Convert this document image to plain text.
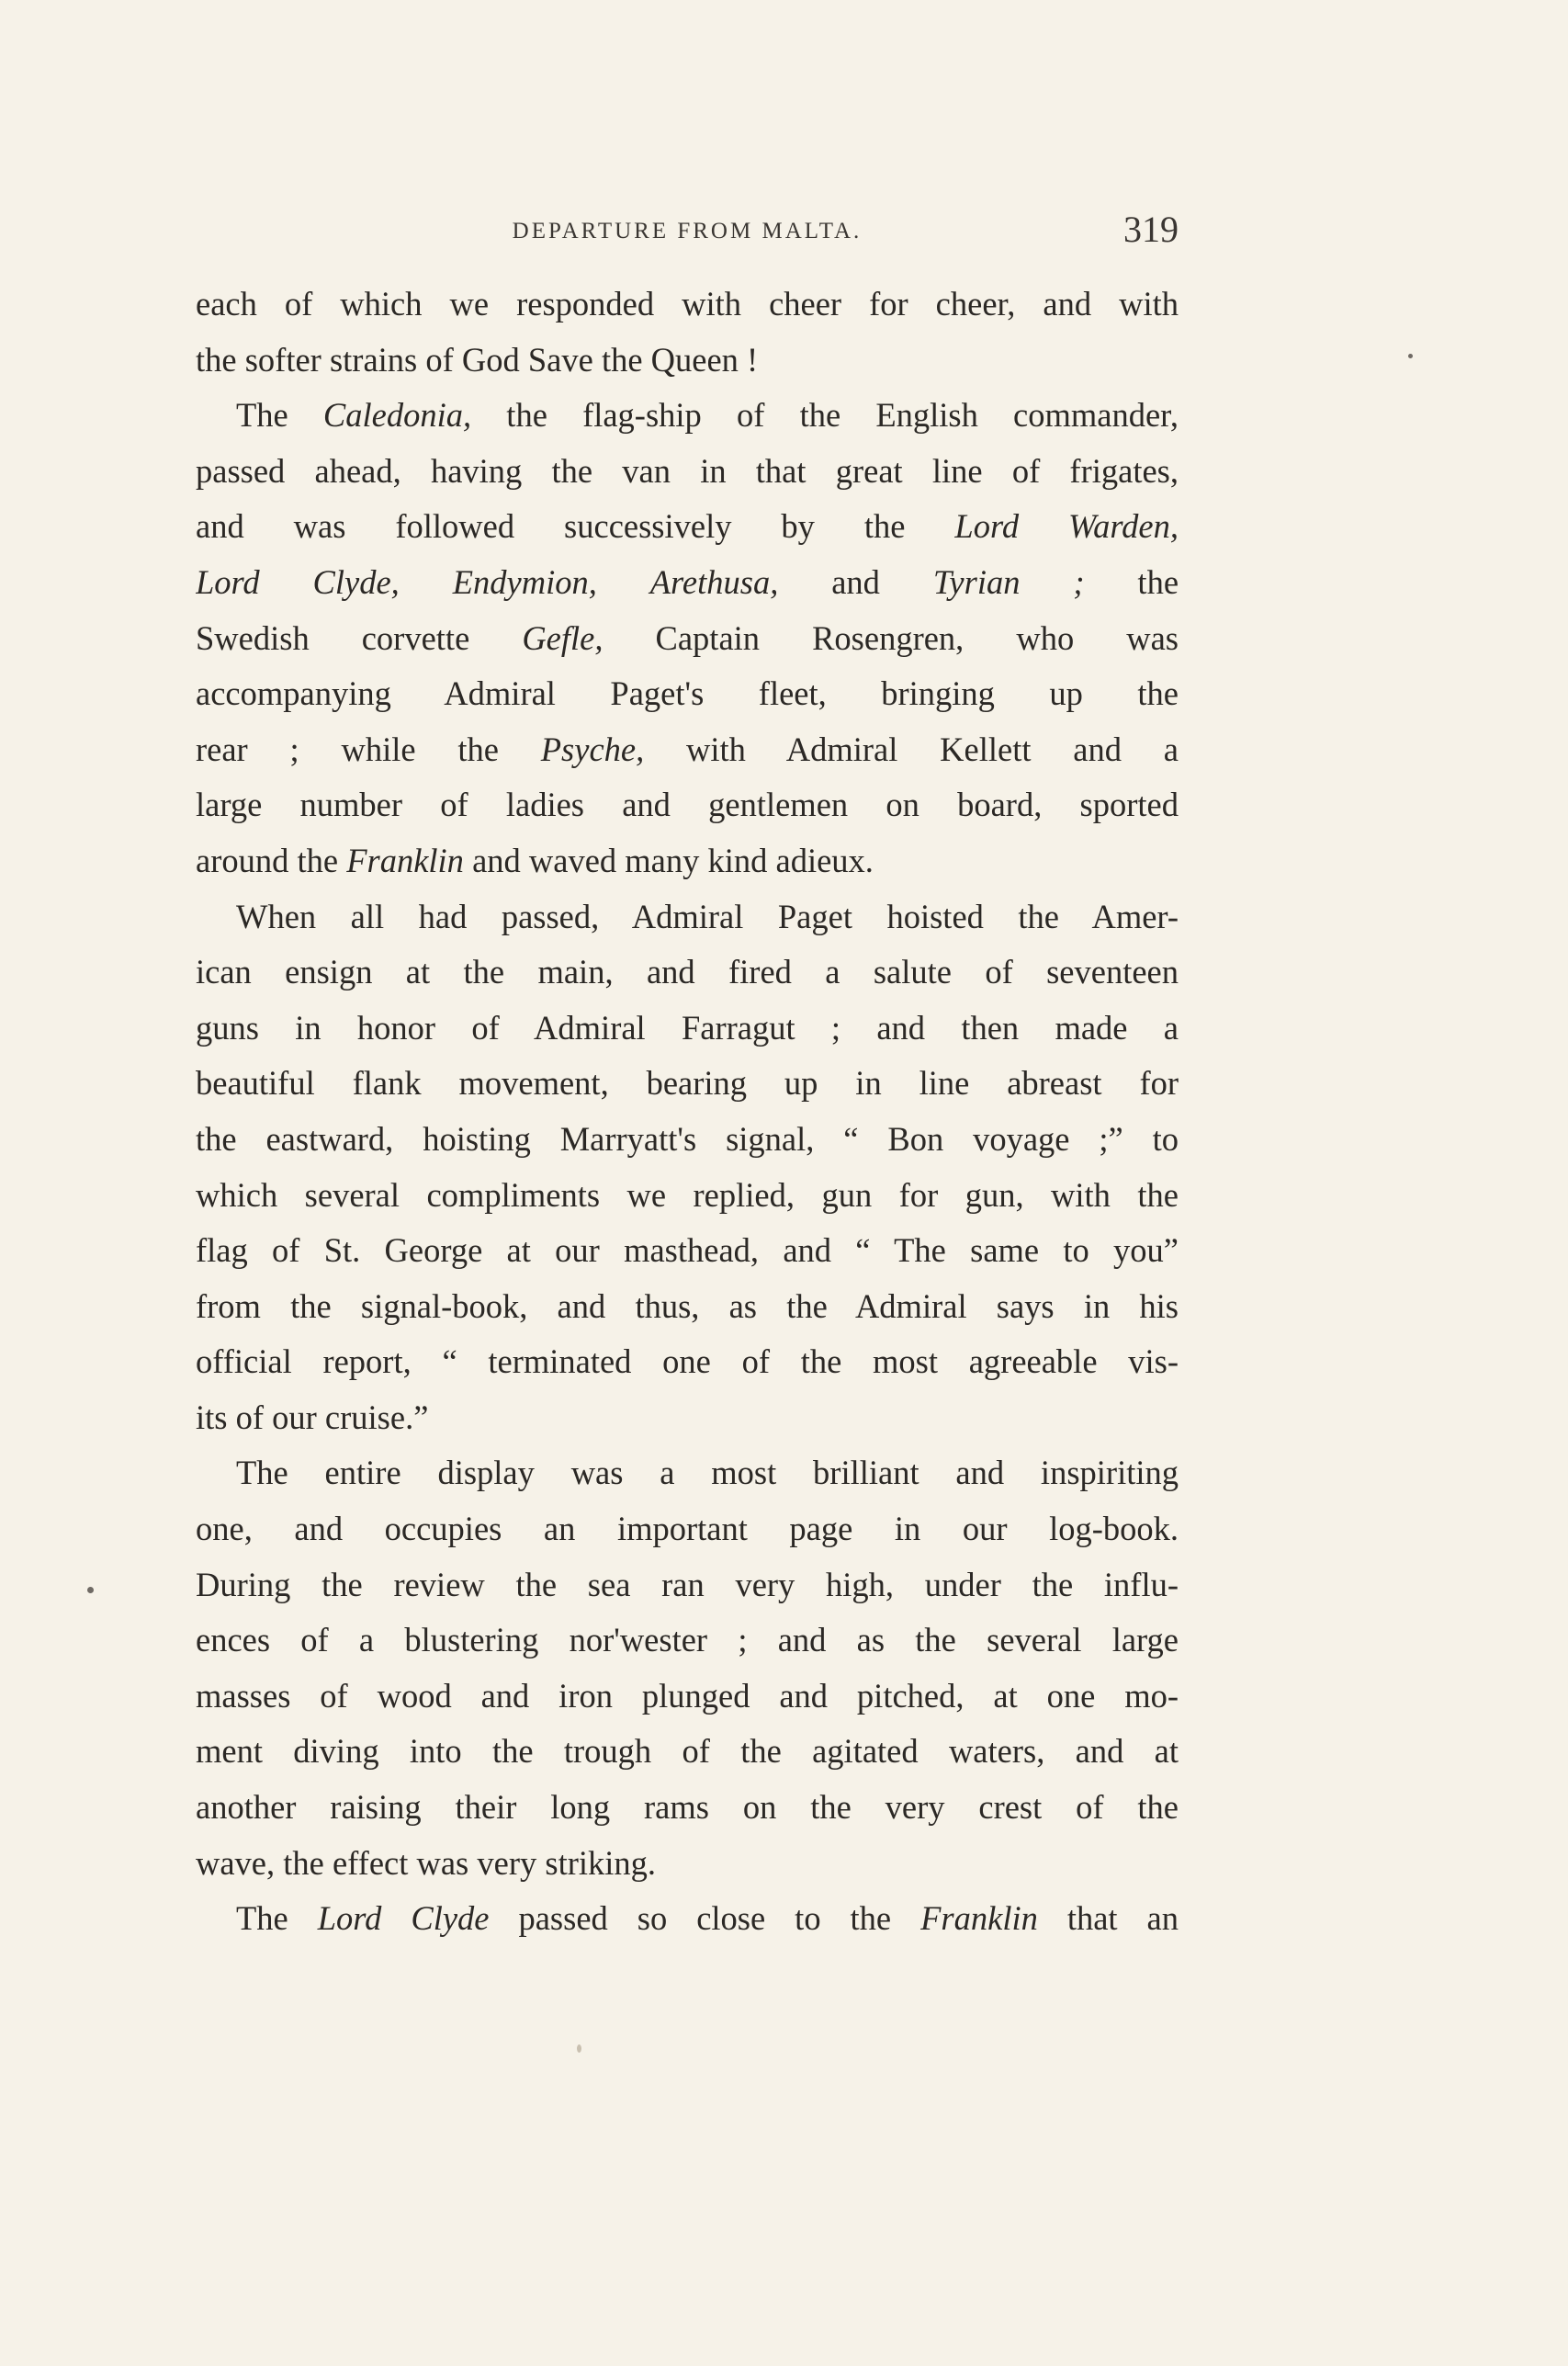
DEPARTURE FROM MALTA.	319
each of which we responded with cheer for cheer, and with
the softer strains of God Save the Queen !
The Caledonia, the flag-ship of the English commander,
passed ahead, having the van in that great line of frigates,
and was followed successively by the Lord Warden,
Lord Clyde, Endymion, Arethusa, and Tyrian ; the
Swedish corvette Gefle, Captain Rosengren, who was
accompanying Admiral Paget's fleet, bringing up the
rear ; while the Psyche, with Admiral Kellett and a
large number of ladies and gentlemen on board, sported
around the Franklin and waved many kind adieux.
When all had passed, Admiral Paget hoisted the Amer-
ican ensign at the main, and fired a salute of seventeen
guns in honor of Admiral Farragut ; and then made a
beautiful flank movement, bearing up in line abreast for
the eastward, hoisting Marryatt's signal, “ Bon voyage ;” to
which several compliments we replied, gun for gun, with the
flag of St. George at our masthead, and “ The same to you”
from the signal-book, and thus, as the Admiral says in his
official report, “ terminated one of the most agreeable vis-
its of our cruise.”
The entire display was a most brilliant and inspiriting
one, and occupies an important page in our log-book.
During the review the sea ran very high, under the influ-
ences of a blustering nor'wester ; and as the several large
masses of wood and iron plunged and pitched, at one mo-
ment diving into the trough of the agitated waters, and at
another raising their long rams on the very crest of the
wave, the effect was very striking.
The Lord Clyde passed so close to the Franklin that an
